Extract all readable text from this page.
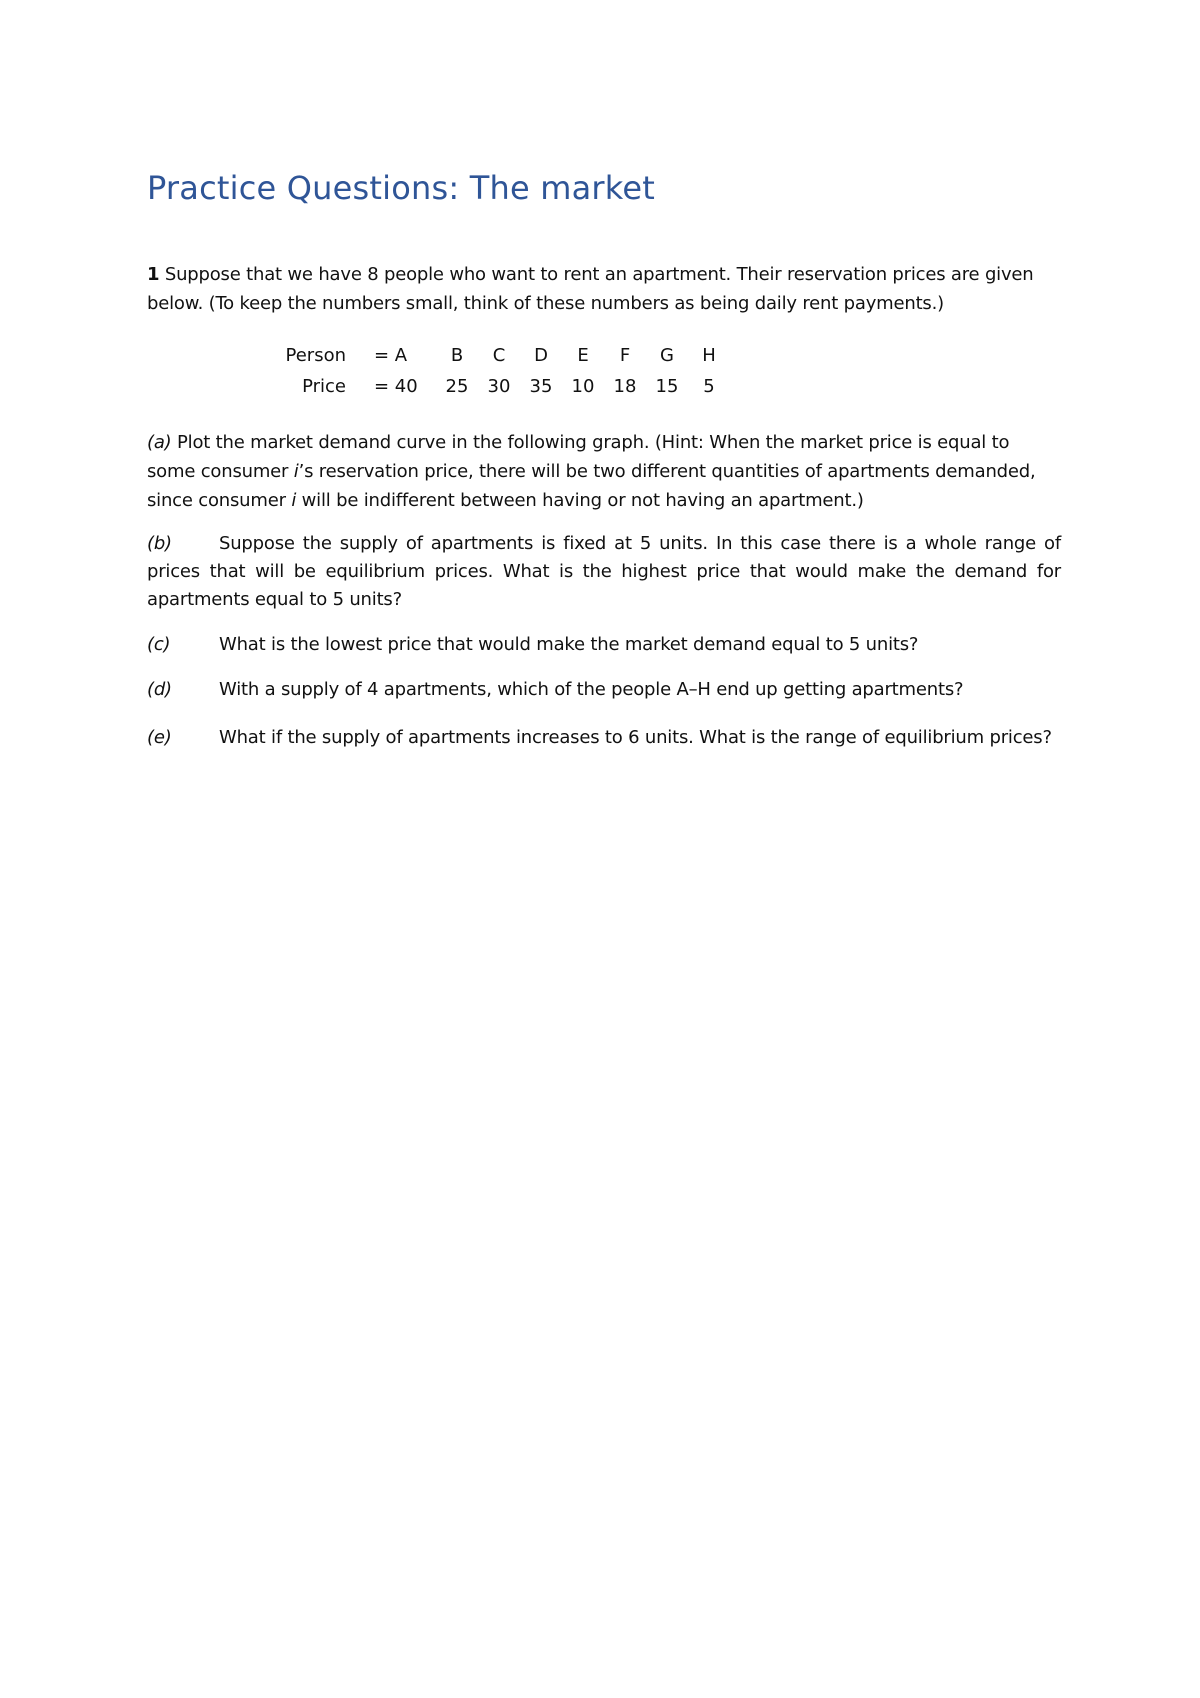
Practice Questions: The market

1 Suppose that we have 8 people who want to rent an apartment. Their reservation prices are given below. (To keep the numbers small, think of these numbers as being daily rent payments.)

Person		= A	B	C	D	E	F	G	H
Price		= 40	25	30	35	10	18	15	5

(a) Plot the market demand curve in the following graph. (Hint: When the market price is equal to some consumer i’s reservation price, there will be two different quantities of apartments demanded, since consumer i will be indifferent between having or not having an apartment.)

(b)	Suppose the supply of apartments is fixed at 5 units. In this case there is a whole range of prices that will be equilibrium prices. What is the highest price that would make the demand for apartments equal to 5 units?

(c)	What is the lowest price that would make the market demand equal to 5 units?

(d)	With a supply of 4 apartments, which of the people A–H end up getting apartments?

(e)	What if the supply of apartments increases to 6 units. What is the range of equilibrium prices?
